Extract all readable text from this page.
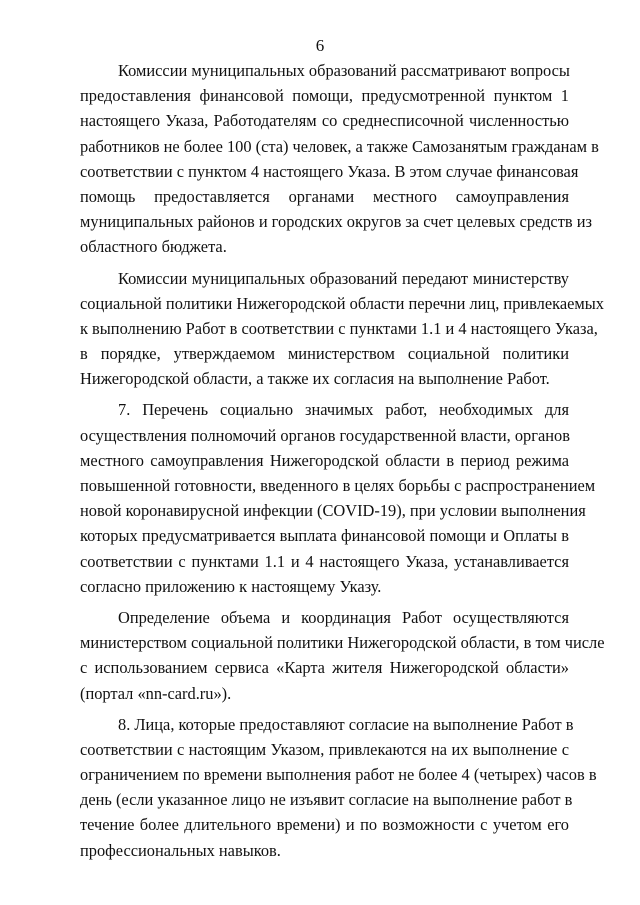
6
Комиссии муниципальных образований рассматривают вопросы
предоставления финансовой помощи, предусмотренной пунктом 1
настоящего Указа, Работодателям со среднесписочной численностью
работников не более 100 (ста) человек, а также Самозанятым гражданам в
соответствии с пунктом 4 настоящего Указа. В этом случае финансовая
помощь предоставляется органами местного самоуправления
муниципальных районов и городских округов за счет целевых средств из
областного бюджета.
Комиссии муниципальных образований передают министерству
социальной политики Нижегородской области перечни лиц, привлекаемых
к выполнению Работ в соответствии с пунктами 1.1 и 4 настоящего Указа,
в порядке, утверждаемом министерством социальной политики
Нижегородской области, а также их согласия на выполнение Работ.
7. Перечень социально значимых работ, необходимых для
осуществления полномочий органов государственной власти, органов
местного самоуправления Нижегородской области в период режима
повышенной готовности, введенного в целях борьбы с распространением
новой коронавирусной инфекции (COVID-19), при условии выполнения
которых предусматривается выплата финансовой помощи и Оплаты в
соответствии с пунктами 1.1 и 4 настоящего Указа, устанавливается
согласно приложению к настоящему Указу.
Определение объема и координация Работ осуществляются
министерством социальной политики Нижегородской области, в том числе
с использованием сервиса «Карта жителя Нижегородской области»
(портал «nn-card.ru»).
8. Лица, которые предоставляют согласие на выполнение Работ в
соответствии с настоящим Указом, привлекаются на их выполнение с
ограничением по времени выполнения работ не более 4 (четырех) часов в
день (если указанное лицо не изъявит согласие на выполнение работ в
течение более длительного времени) и по возможности с учетом его
профессиональных навыков.
